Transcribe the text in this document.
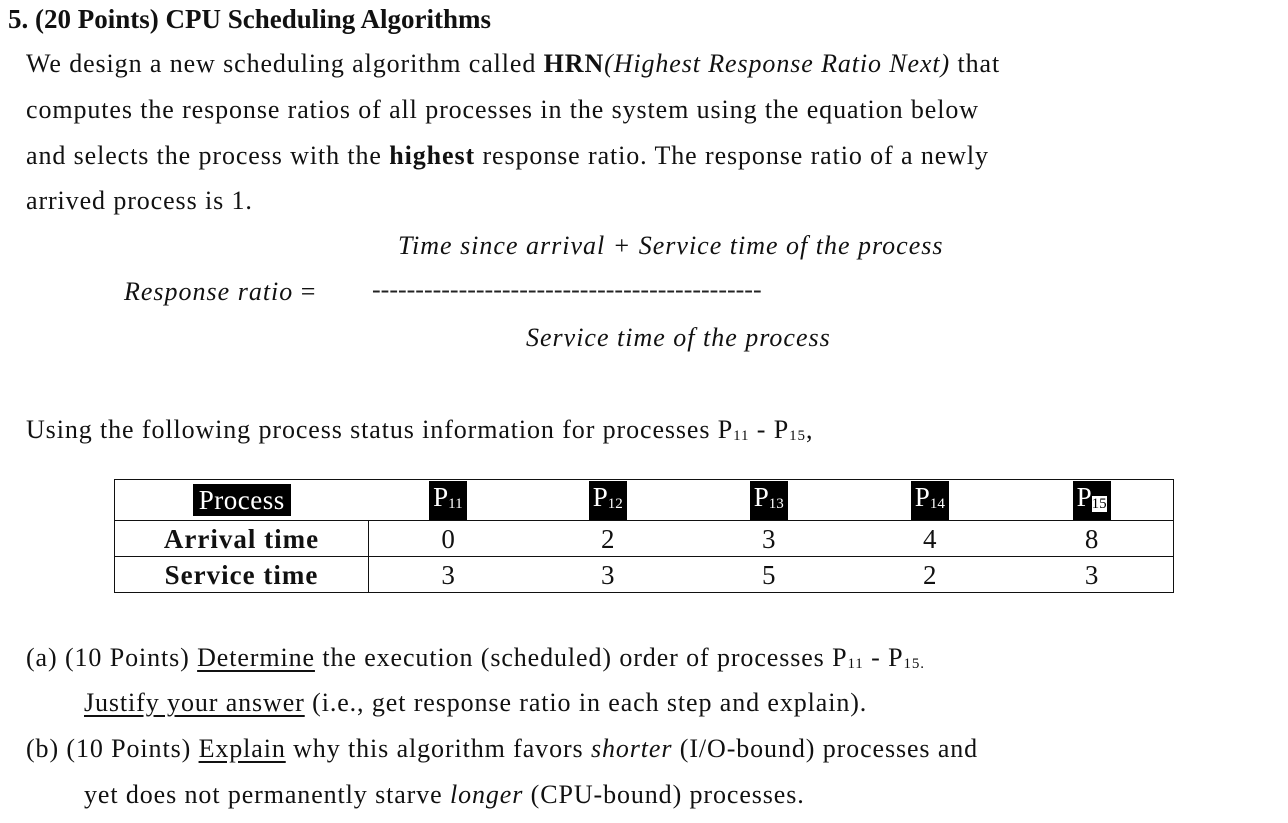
5. (20 Points) CPU Scheduling Algorithms
We design a new scheduling algorithm called HRN(Highest Response Ratio Next) that
computes the response ratios of all processes in the system using the equation below
and selects the process with the highest response ratio. The response ratio of a newly
arrived process is 1.
Time since arrival + Service time of the process
Response ratio = ---------------------------------------------
Service time of the process
Using the following process status information for processes $P_{11} - P_{15}$,
Process	$P_{11}$	$P_{12}$	$P_{13}$	$P_{14}$	$P_{15}$
Arrival time	0	2	3	4	8
Service time	3	3	5	2	3
(a) (10 Points) Determine the execution (scheduled) order of processes $P_{11} - P_{15.}$
Justify your answer (i.e., get response ratio in each step and explain).
(b) (10 Points) Explain why this algorithm favors shorter (I/O-bound) processes and
yet does not permanently starve longer (CPU-bound) processes.
